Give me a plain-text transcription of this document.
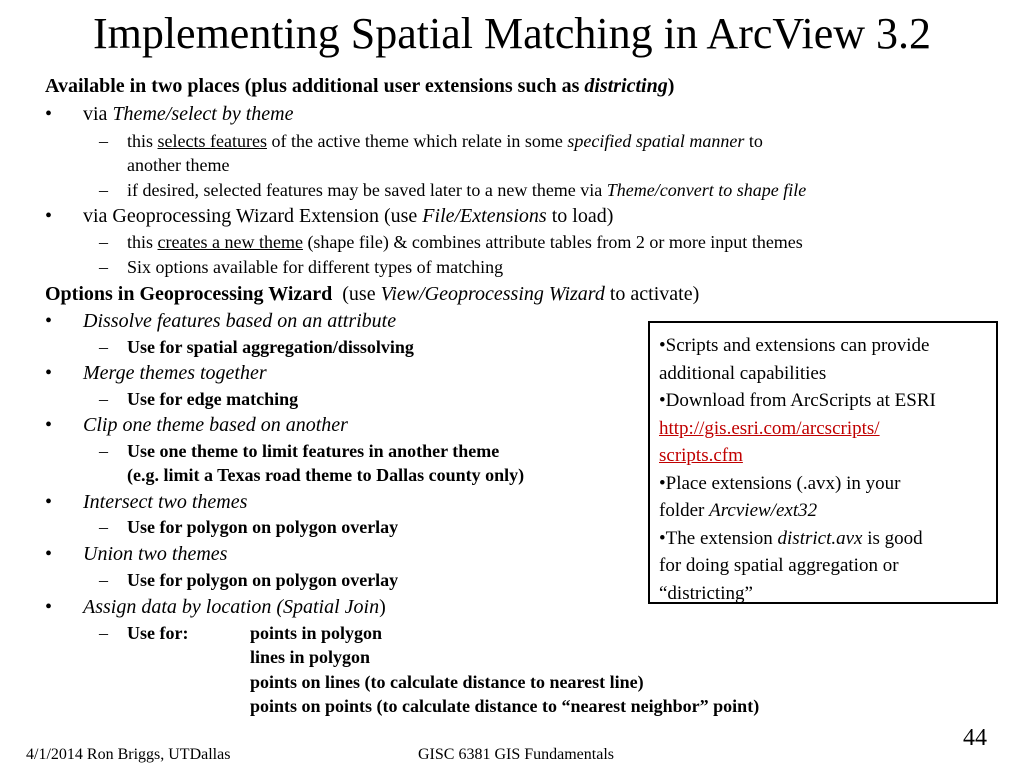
Implementing Spatial Matching in ArcView 3.2
Available in two places (plus additional user extensions such as districting)
• via Theme/select by theme
– this selects features of the active theme which relate in some specified spatial manner to
another theme
– if desired, selected features may be saved later to a new theme via Theme/convert to shape file
• via Geoprocessing Wizard Extension (use File/Extensions to load)
– this creates a new theme (shape file) & combines attribute tables from 2 or more input themes
– Six options available for different types of matching
Options in Geoprocessing Wizard (use View/Geoprocessing Wizard to activate)
• Dissolve features based on an attribute
– Use for spatial aggregation/dissolving
• Merge themes together
– Use for edge matching
• Clip one theme based on another
– Use one theme to limit features in another theme
(e.g. limit a Texas road theme to Dallas county only)
• Intersect two themes
– Use for polygon on polygon overlay
• Union two themes
– Use for polygon on polygon overlay
• Assign data by location (Spatial Join)
– Use for:	points in polygon
lines in polygon
points on lines (to calculate distance to nearest line)
points on points (to calculate distance to “nearest neighbor” point)
•Scripts and extensions can provide
additional capabilities
•Download from ArcScripts at ESRI
http://gis.esri.com/arcscripts/
scripts.cfm
•Place extensions (.avx) in your
folder Arcview/ext32
•The extension district.avx is good
for doing spatial aggregation or
“districting”
4/1/2014 Ron Briggs, UTDallas	GISC 6381 GIS Fundamentals
44
